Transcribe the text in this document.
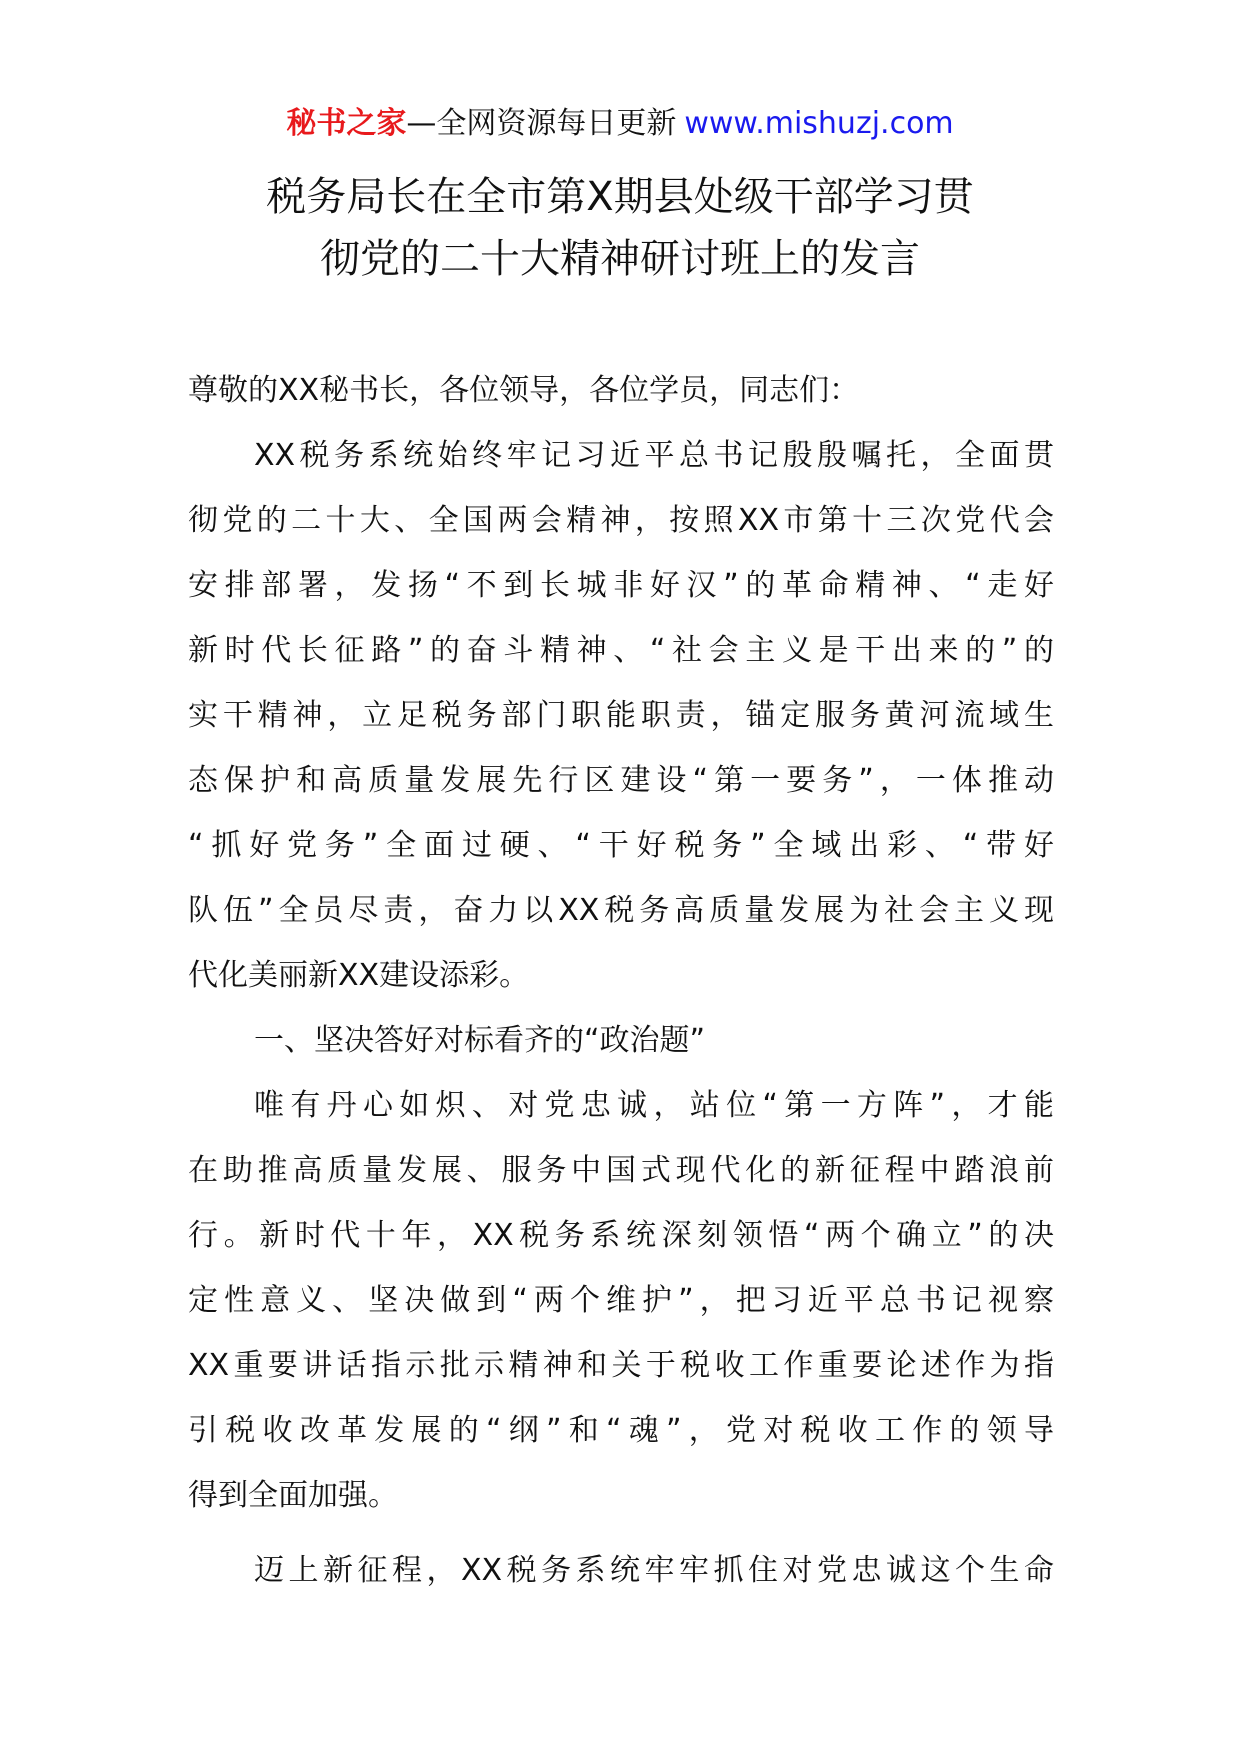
秘书之家—全网资源每日更新 www.mishuzj.com
税务局长在全市第Ⅹ期县处级干部学习贯
彻党的二十大精神研讨班上的发言
尊敬的XX秘书长，各位领导，各位学员，同志们：
XX税务系统始终牢记习近平总书记殷殷嘱托，全面贯
彻党的二十大、全国两会精神，按照XX市第十三次党代会
安排部署，发扬“不到长城非好汉”的革命精神、“走好
新时代长征路”的奋斗精神、“社会主义是干出来的”的
实干精神，立足税务部门职能职责，锚定服务黄河流域生
态保护和高质量发展先行区建设“第一要务”，一体推动
“抓好党务”全面过硬、“干好税务”全域出彩、“带好
队伍”全员尽责，奋力以XX税务高质量发展为社会主义现
代化美丽新XX建设添彩。
一、坚决答好对标看齐的“政治题”
唯有丹心如炽、对党忠诚，站位“第一方阵”，才能
在助推高质量发展、服务中国式现代化的新征程中踏浪前
行。新时代十年，XX税务系统深刻领悟“两个确立”的决
定性意义、坚决做到“两个维护”，把习近平总书记视察
XX重要讲话指示批示精神和关于税收工作重要论述作为指
引税收改革发展的“纲”和“魂”，党对税收工作的领导
得到全面加强。
迈上新征程，XX税务系统牢牢抓住对党忠诚这个生命
